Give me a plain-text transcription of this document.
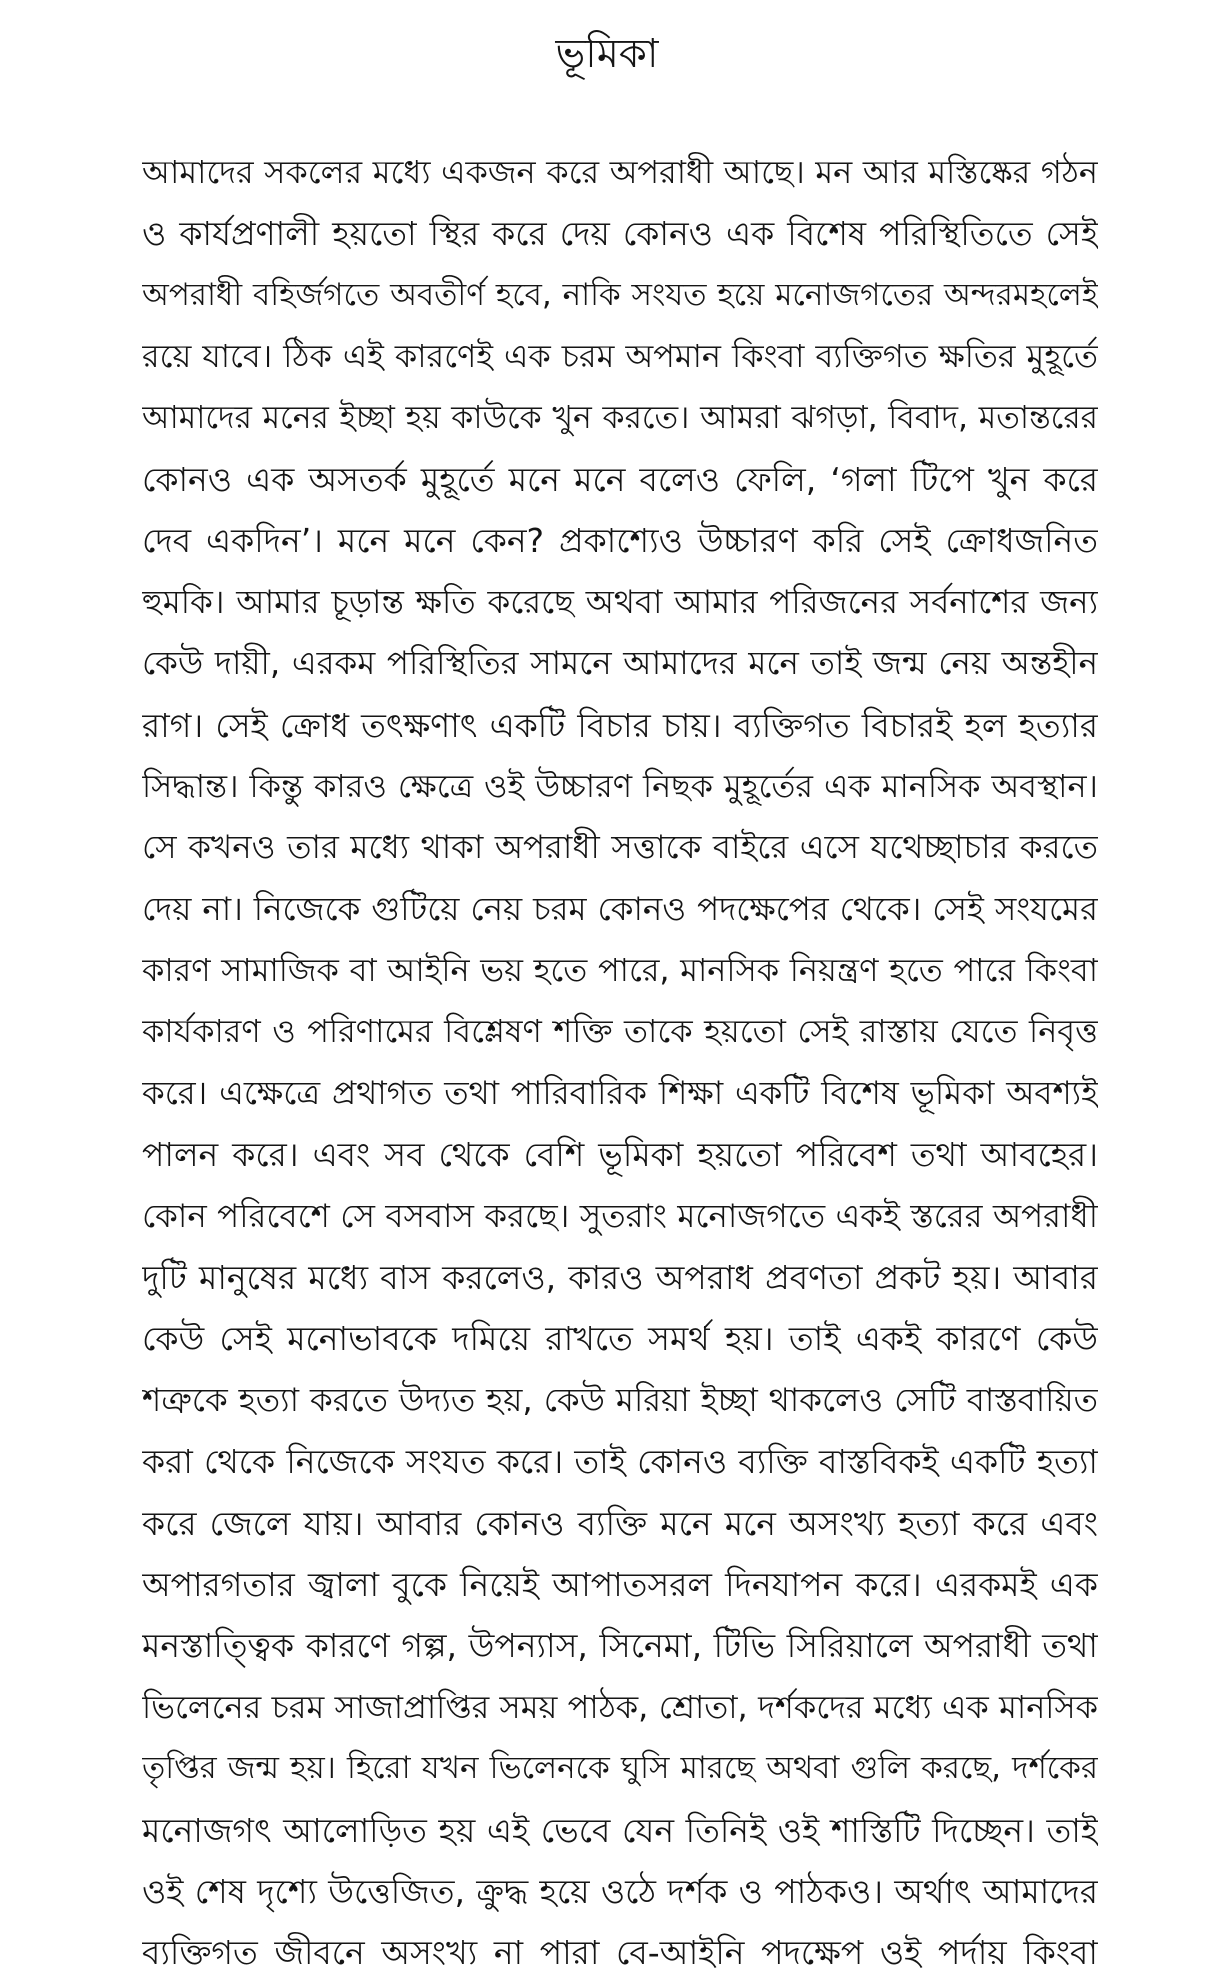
ভূমিকা
আমাদের সকলের মধ্যে একজন করে অপরাধী আছে। মন আর মস্তিষ্কের গঠন
ও কার্যপ্রণালী হয়তো স্থির করে দেয় কোনও এক বিশেষ পরিস্থিতিতে সেই
অপরাধী বহির্জগতে অবতীর্ণ হবে, নাকি সংযত হয়ে মনোজগতের অন্দরমহলেই
রয়ে যাবে। ঠিক এই কারণেই এক চরম অপমান কিংবা ব্যক্তিগত ক্ষতির মুহূর্তে
আমাদের মনের ইচ্ছা হয় কাউকে খুন করতে। আমরা ঝগড়া, বিবাদ, মতান্তরের
কোনও এক অসতর্ক মুহূর্তে মনে মনে বলেও ফেলি, ‘গলা টিপে খুন করে
দেব একদিন’। মনে মনে কেন? প্রকাশ্যেও উচ্চারণ করি সেই ক্রোধজনিত
হুমকি। আমার চূড়ান্ত ক্ষতি করেছে অথবা আমার পরিজনের সর্বনাশের জন্য
কেউ দায়ী, এরকম পরিস্থিতির সামনে আমাদের মনে তাই জন্ম নেয় অন্তহীন
রাগ। সেই ক্রোধ তৎক্ষণাৎ একটি বিচার চায়। ব্যক্তিগত বিচারই হল হত্যার
সিদ্ধান্ত। কিন্তু কারও ক্ষেত্রে ওই উচ্চারণ নিছক মুহূর্তের এক মানসিক অবস্থান।
সে কখনও তার মধ্যে থাকা অপরাধী সত্তাকে বাইরে এসে যথেচ্ছাচার করতে
দেয় না। নিজেকে গুটিয়ে নেয় চরম কোনও পদক্ষেপের থেকে। সেই সংযমের
কারণ সামাজিক বা আইনি ভয় হতে পারে, মানসিক নিয়ন্ত্রণ হতে পারে কিংবা
কার্যকারণ ও পরিণামের বিশ্লেষণ শক্তি তাকে হয়তো সেই রাস্তায় যেতে নিবৃত্ত
করে। এক্ষেত্রে প্রথাগত তথা পারিবারিক শিক্ষা একটি বিশেষ ভূমিকা অবশ্যই
পালন করে। এবং সব থেকে বেশি ভূমিকা হয়তো পরিবেশ তথা আবহের।
কোন পরিবেশে সে বসবাস করছে। সুতরাং মনোজগতে একই স্তরের অপরাধী
দুটি মানুষের মধ্যে বাস করলেও, কারও অপরাধ প্রবণতা প্রকট হয়। আবার
কেউ সেই মনোভাবকে দমিয়ে রাখতে সমর্থ হয়। তাই একই কারণে কেউ
শত্রুকে হত্যা করতে উদ্যত হয়, কেউ মরিয়া ইচ্ছা থাকলেও সেটি বাস্তবায়িত
করা থেকে নিজেকে সংযত করে। তাই কোনও ব্যক্তি বাস্তবিকই একটি হত্যা
করে জেলে যায়। আবার কোনও ব্যক্তি মনে মনে অসংখ্য হত্যা করে এবং
অপারগতার জ্বালা বুকে নিয়েই আপাতসরল দিনযাপন করে। এরকমই এক
মনস্তাত্ত্বিক কারণে গল্প, উপন্যাস, সিনেমা, টিভি সিরিয়ালে অপরাধী তথা
ভিলেনের চরম সাজাপ্রাপ্তির সময় পাঠক, শ্রোতা, দর্শকদের মধ্যে এক মানসিক
তৃপ্তির জন্ম হয়। হিরো যখন ভিলেনকে ঘুসি মারছে অথবা গুলি করছে, দর্শকের
মনোজগৎ আলোড়িত হয় এই ভেবে যেন তিনিই ওই শাস্তিটি দিচ্ছেন। তাই
ওই শেষ দৃশ্যে উত্তেজিত, ক্রুদ্ধ হয়ে ওঠে দর্শক ও পাঠকও। অর্থাৎ আমাদের
ব্যক্তিগত জীবনে অসংখ্য না পারা বে-আইনি পদক্ষেপ ওই পর্দায় কিংবা
